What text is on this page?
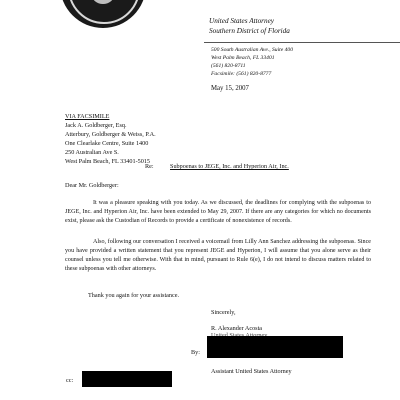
United States Attorney
Southern District of Florida
500 South Australian Ave., Suite 400
West Palm Beach, FL 33401
(561) 820-8711
Facsimile: (561) 820-8777
May 15, 2007
VIA FACSIMILE
Jack A. Goldberger, Esq.
Atterbury, Goldberger & Weiss, P.A.
One Clearlake Centre, Suite 1400
250 Australian Ave S.
West Palm Beach, FL 33401-5015
Re:	Subpoenas to JEGE, Inc. and Hyperion Air, Inc.
Dear Mr. Goldberger:

It was a pleasure speaking with you today. As we discussed, the deadlines for complying with the subpoenas to JEGE, Inc. and Hyperion Air, Inc. have been extended to May 29, 2007. If there are any categories for which no documents exist, please ask the Custodian of Records to provide a certificate of nonexistence of records.

Also, following our conversation I received a voicemail from Lilly Ann Sanchez addressing the subpoenas. Since you have provided a written statement that you represent JEGE and Hyperion, I will assume that you alone serve as their counsel unless you tell me otherwise. With that in mind, pursuant to Rule 6(e), I do not intend to discuss matters related to these subpoenas with other attorneys.

Thank you again for your assistance.
Sincerely,
R. Alexander Acosta
By:
Assistant United States Attorney
cc:
